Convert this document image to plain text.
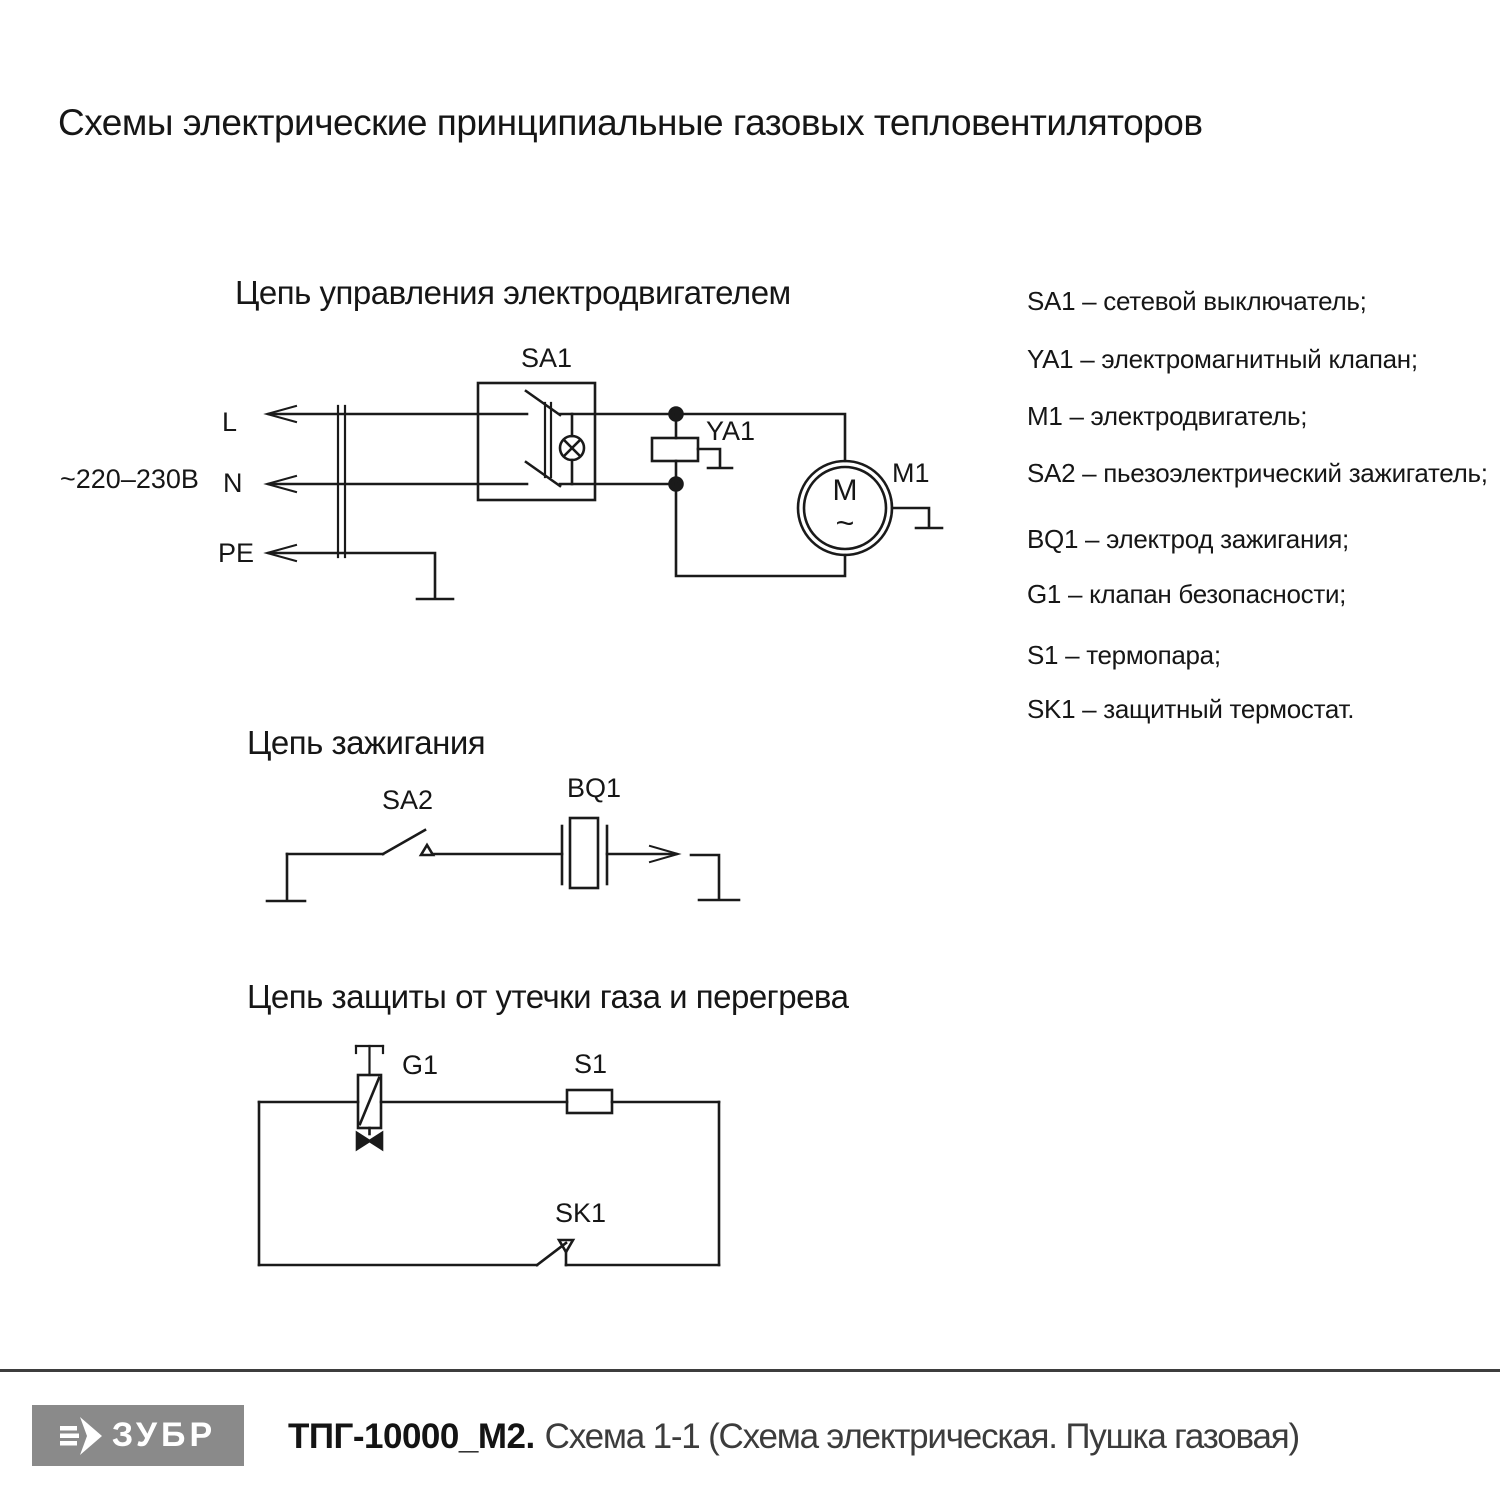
Схемы электрические принципиальные газовых тепловентиляторов
Цепь управления электродвигателем
Цепь зажигания
Цепь защиты от утечки газа и перегрева
SA1 – сетевой выключатель;
YA1 – электромагнитный клапан;
M1 – электродвигатель;
SA2 – пьезоэлектрический зажигатель;
BQ1 – электрод зажигания;
G1 – клапан безопасности;
S1 – термопара;
SK1 – защитный термостат.
~220–230В
L
N
PE
SA1
YA1
M1
M
~
SA2	BQ1
G1	S1
SK1
ЗУБР ТПГ-10000_М2. Схема 1-1 (Схема электрическая. Пушка газовая)
